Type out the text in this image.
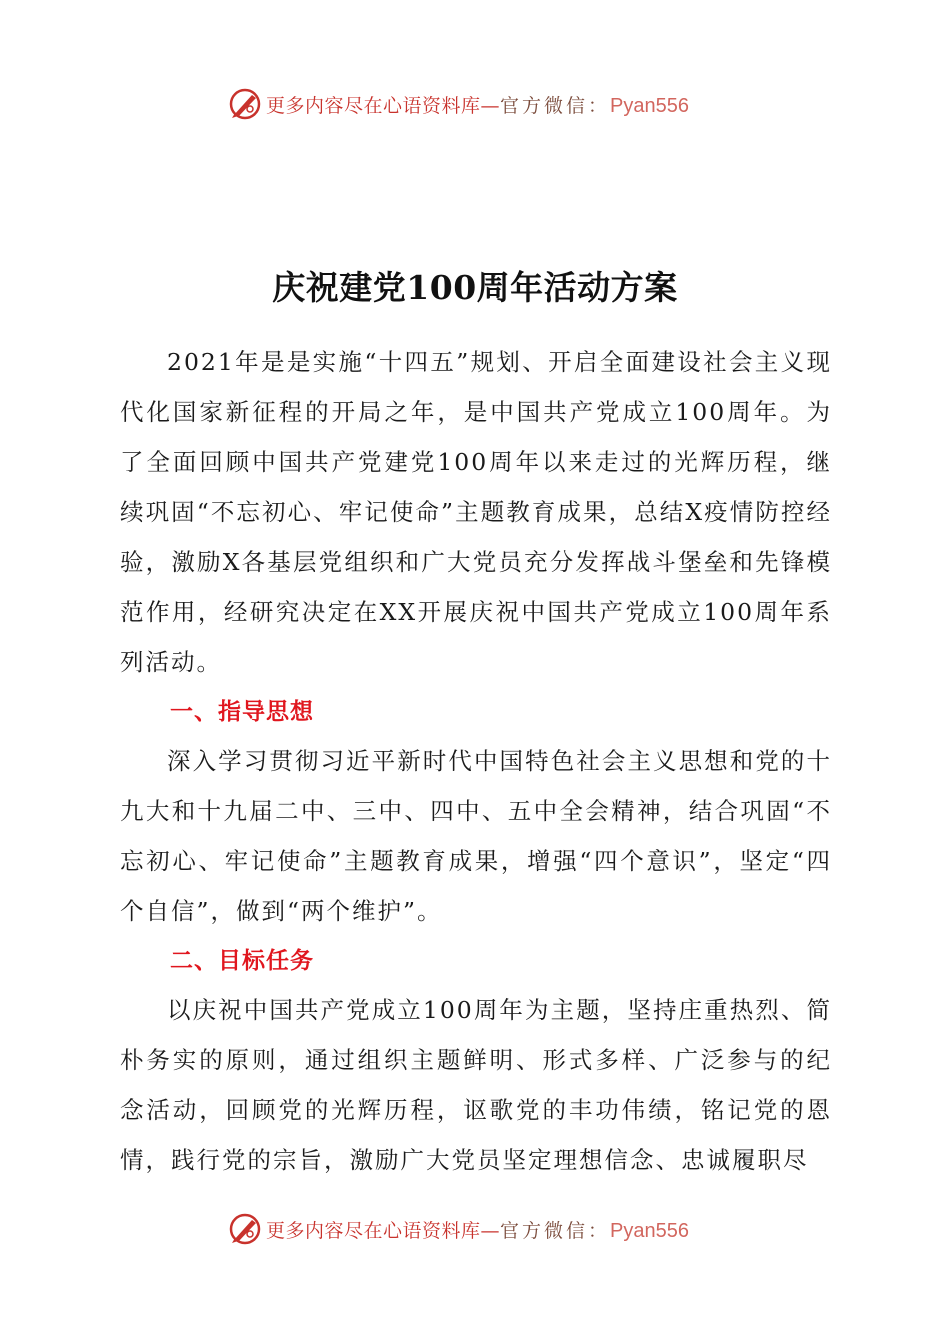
更多内容尽在心语资料库—官方微信：Pyan556
庆祝建党100周年活动方案

2021年是是实施“十四五”规划、开启全面建设社会主义现代化国家新征程的开局之年，是中国共产党成立100周年。为了全面回顾中国共产党建党100周年以来走过的光辉历程，继续巩固“不忘初心、牢记使命”主题教育成果，总结X疫情防控经验，激励X各基层党组织和广大党员充分发挥战斗堡垒和先锋模范作用，经研究决定在XX开展庆祝中国共产党成立100周年系列活动。

一、指导思想

深入学习贯彻习近平新时代中国特色社会主义思想和党的十九大和十九届二中、三中、四中、五中全会精神，结合巩固“不忘初心、牢记使命”主题教育成果，增强“四个意识”，坚定“四个自信”，做到“两个维护”。

二、目标任务

以庆祝中国共产党成立100周年为主题，坚持庄重热烈、简朴务实的原则，通过组织主题鲜明、形式多样、广泛参与的纪念活动，回顾党的光辉历程，讴歌党的丰功伟绩，铭记党的恩情，践行党的宗旨，激励广大党员坚定理想信念、忠诚履职尽

更多内容尽在心语资料库—官方微信：Pyan556
